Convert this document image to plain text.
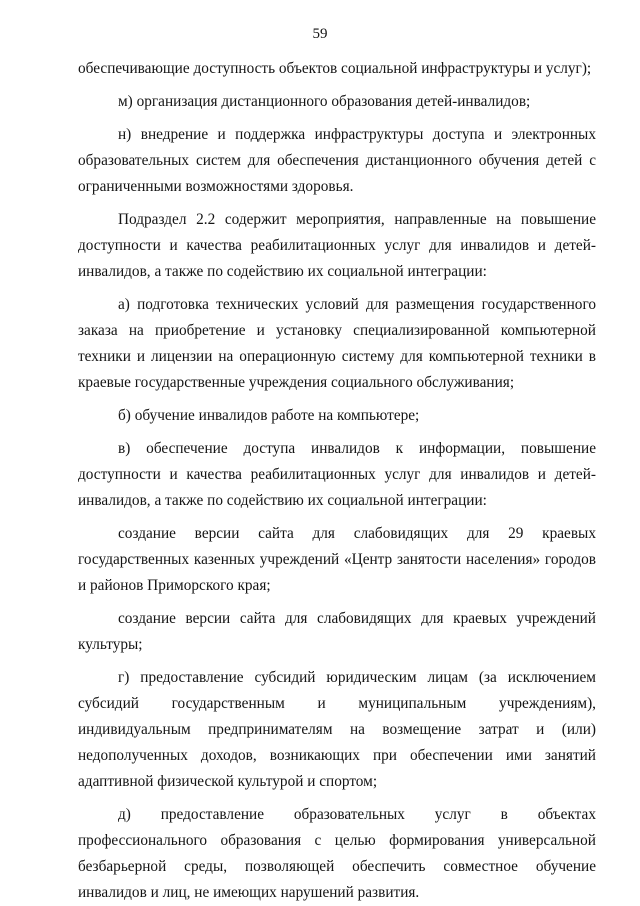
59

обеспечивающие доступность объектов социальной инфраструктуры и услуг);

м) организация дистанционного образования детей-инвалидов;

н) внедрение и поддержка инфраструктуры доступа и электронных образовательных систем для обеспечения дистанционного обучения детей с ограниченными возможностями здоровья.

Подраздел 2.2 содержит мероприятия, направленные на повышение доступности и качества реабилитационных услуг для инвалидов и детей-инвалидов, а также по содействию их социальной интеграции:

а) подготовка технических условий для размещения государственного заказа на приобретение и установку специализированной компьютерной техники и лицензии на операционную систему для компьютерной техники в краевые государственные учреждения социального обслуживания;

б) обучение инвалидов работе на компьютере;

в) обеспечение доступа инвалидов к информации, повышение доступности и качества реабилитационных услуг для инвалидов и детей-инвалидов, а также по содействию их социальной интеграции:

создание версии сайта для слабовидящих для 29 краевых государственных казенных учреждений «Центр занятости населения» городов и районов Приморского края;

создание версии сайта для слабовидящих для краевых учреждений культуры;

г) предоставление субсидий юридическим лицам (за исключением субсидий государственным и муниципальным учреждениям), индивидуальным предпринимателям на возмещение затрат и (или) недополученных доходов, возникающих при обеспечении ими занятий адаптивной физической культурой и спортом;

д) предоставление образовательных услуг в объектах профессионального образования с целью формирования универсальной безбарьерной среды, позволяющей обеспечить совместное обучение инвалидов и лиц, не имеющих нарушений развития.
